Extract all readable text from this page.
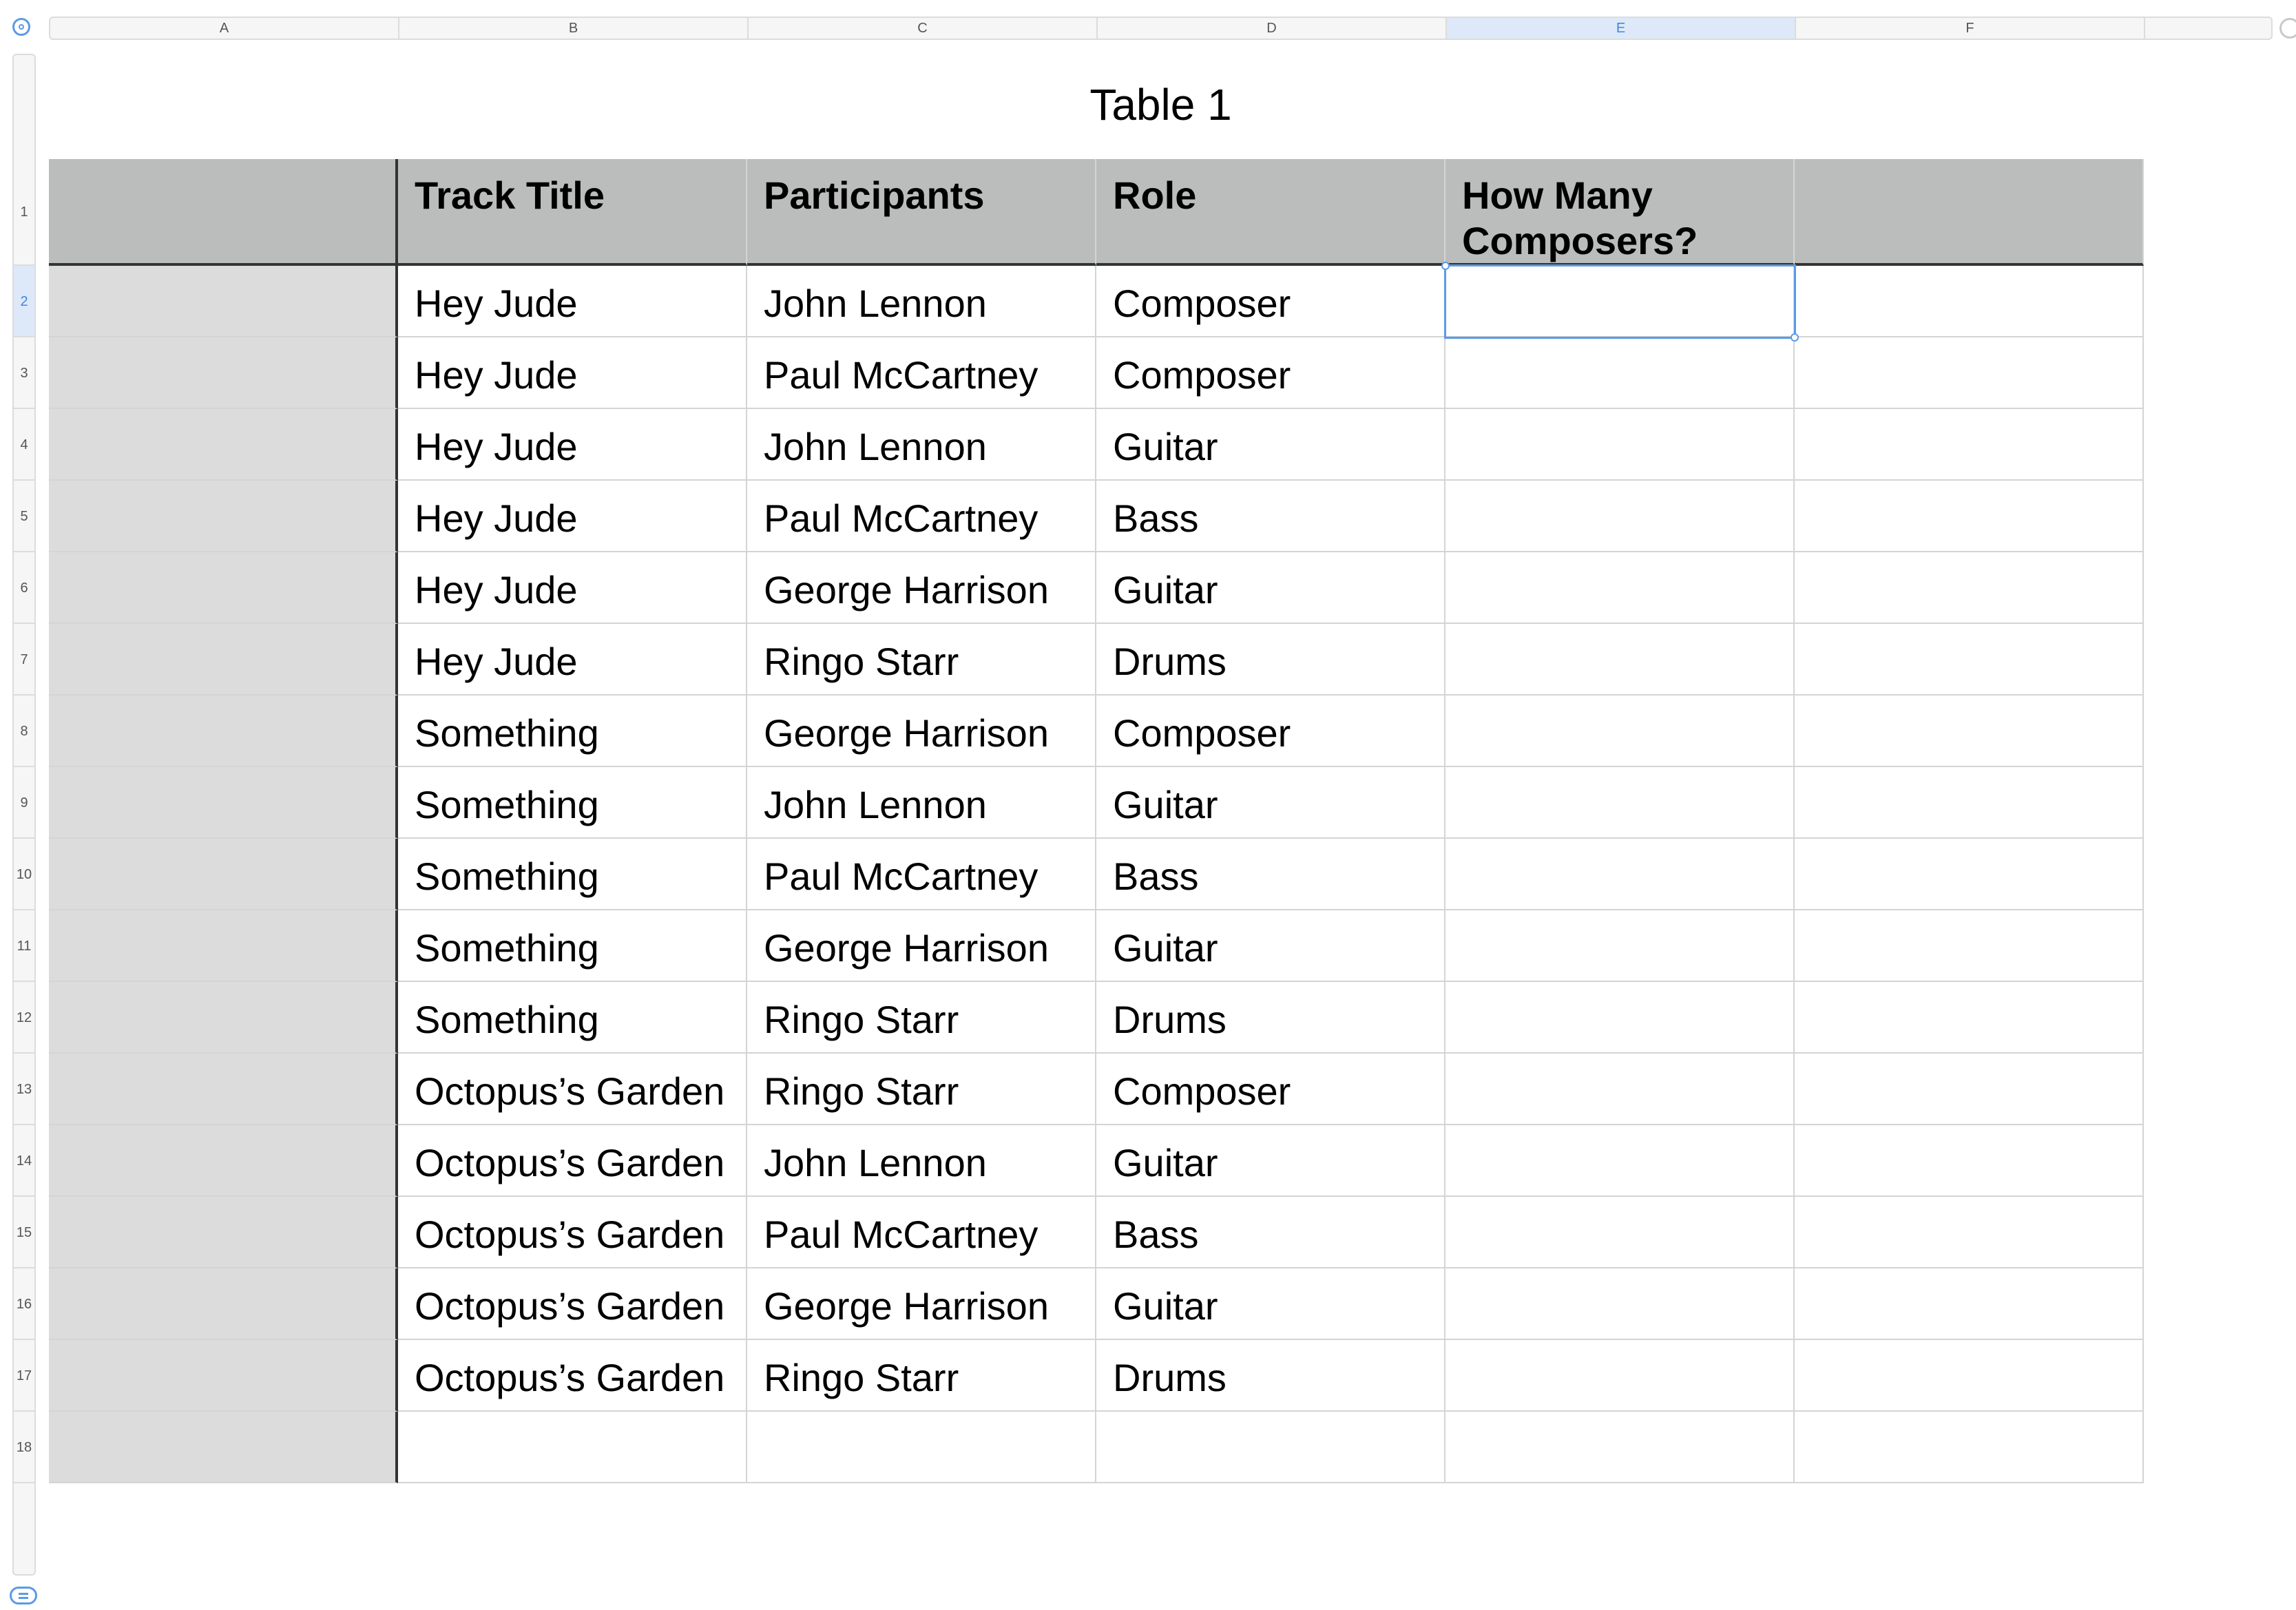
A	B	C	D	E	F
1
2
3
4
5
6
7
8
9
10
11
12
13
14
15
16
17
18
Table 1
Track Title	Participants	Role	How Many Composers?
Hey Jude	John Lennon	Composer
Hey Jude	Paul McCartney	Composer
Hey Jude	John Lennon	Guitar
Hey Jude	Paul McCartney	Bass
Hey Jude	George Harrison	Guitar
Hey Jude	Ringo Starr	Drums
Something	George Harrison	Composer
Something	John Lennon	Guitar
Something	Paul McCartney	Bass
Something	George Harrison	Guitar
Something	Ringo Starr	Drums
Octopus’s Garden	Ringo Starr	Composer
Octopus’s Garden	John Lennon	Guitar
Octopus’s Garden	Paul McCartney	Bass
Octopus’s Garden	George Harrison	Guitar
Octopus’s Garden	Ringo Starr	Drums
